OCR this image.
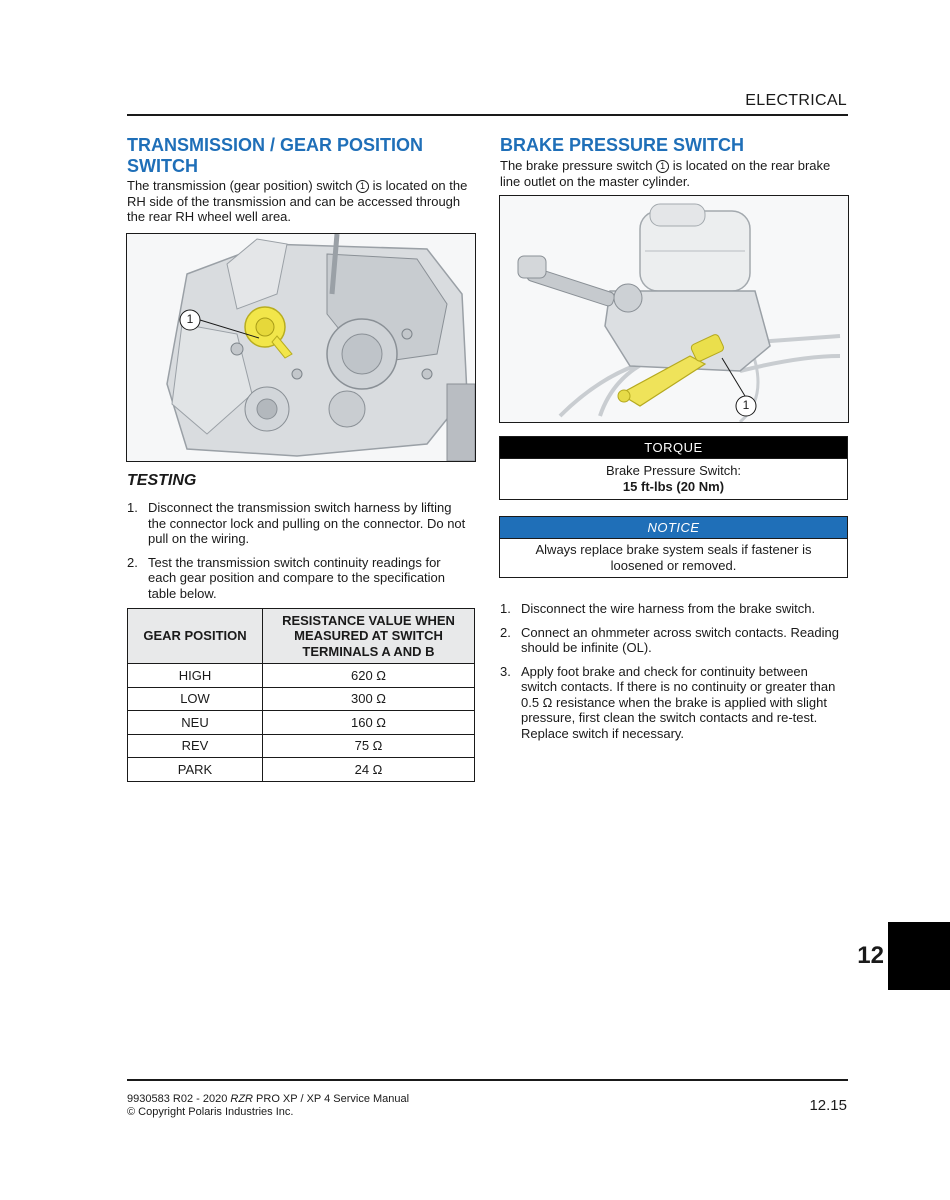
ELECTRICAL
TRANSMISSION / GEAR POSITION SWITCH
The transmission (gear position) switch 1 is located on the RH side of the transmission and can be accessed through the rear RH wheel well area.
1
TESTING
1. Disconnect the transmission switch harness by lifting the connector lock and pulling on the connector. Do not pull on the wiring.
2. Test the transmission switch continuity readings for each gear position and compare to the specification table below.
GEAR POSITION	RESISTANCE VALUE WHEN MEASURED AT SWITCH TERMINALS A AND B
HIGH	620 Ω
LOW	300 Ω
NEU	160 Ω
REV	75 Ω
PARK	24 Ω
BRAKE PRESSURE SWITCH
The brake pressure switch 1 is located on the rear brake line outlet on the master cylinder.
1
TORQUE
Brake Pressure Switch:
15 ft-lbs (20 Nm)
NOTICE
Always replace brake system seals if fastener is loosened or removed.
1. Disconnect the wire harness from the brake switch.
2. Connect an ohmmeter across switch contacts. Reading should be infinite (OL).
3. Apply foot brake and check for continuity between switch contacts. If there is no continuity or greater than 0.5 Ω resistance when the brake is applied with slight pressure, first clean the switch contacts and re-test. Replace switch if necessary.
12
9930583 R02 - 2020 RZR PRO XP / XP 4 Service Manual
© Copyright Polaris Industries Inc.	12.15
